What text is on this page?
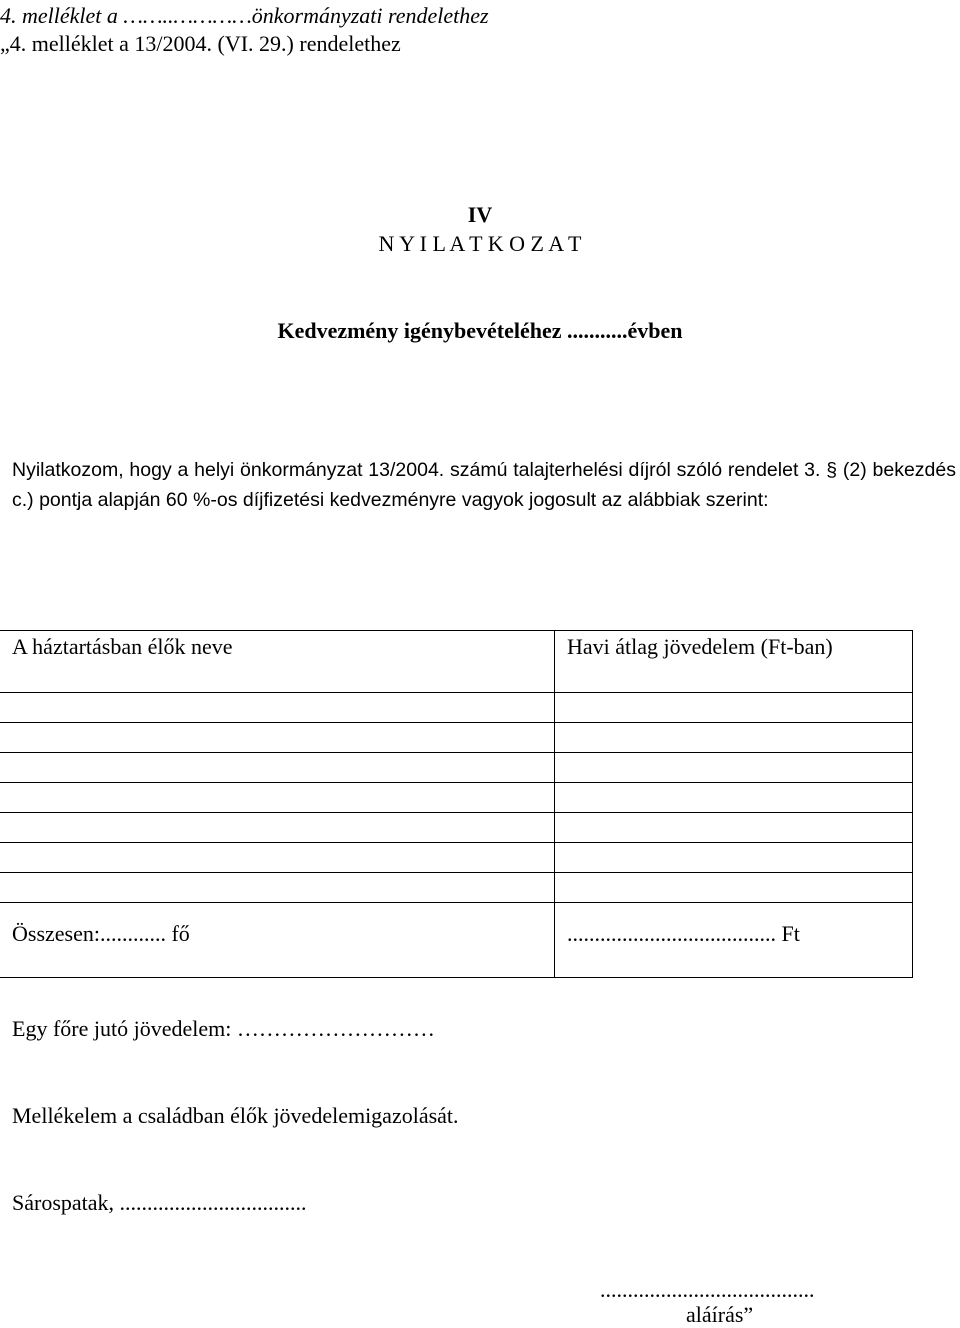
4. melléklet a ……..…………önkormányzati rendelethez
„4. melléklet a 13/2004. (VI. 29.) rendelethez
IV
N Y I L A T K O Z A T
Kedvezmény igénybevételéhez ...........évben
Nyilatkozom, hogy a helyi önkormányzat 13/2004. számú talajterhelési díjról szóló rendelet 3. § (2) bekezdés c.) pontja alapján 60 %-os díjfizetési kedvezményre vagyok jogosult az alábbiak szerint:
A háztartásban élők neve	Havi átlag jövedelem (Ft-ban)

Összesen:............ fő	...................................... Ft
Egy főre jutó jövedelem: ………………………
Mellékelem a családban élők jövedelemigazolását.
Sárospatak, ..................................
.......................................
aláírás”
